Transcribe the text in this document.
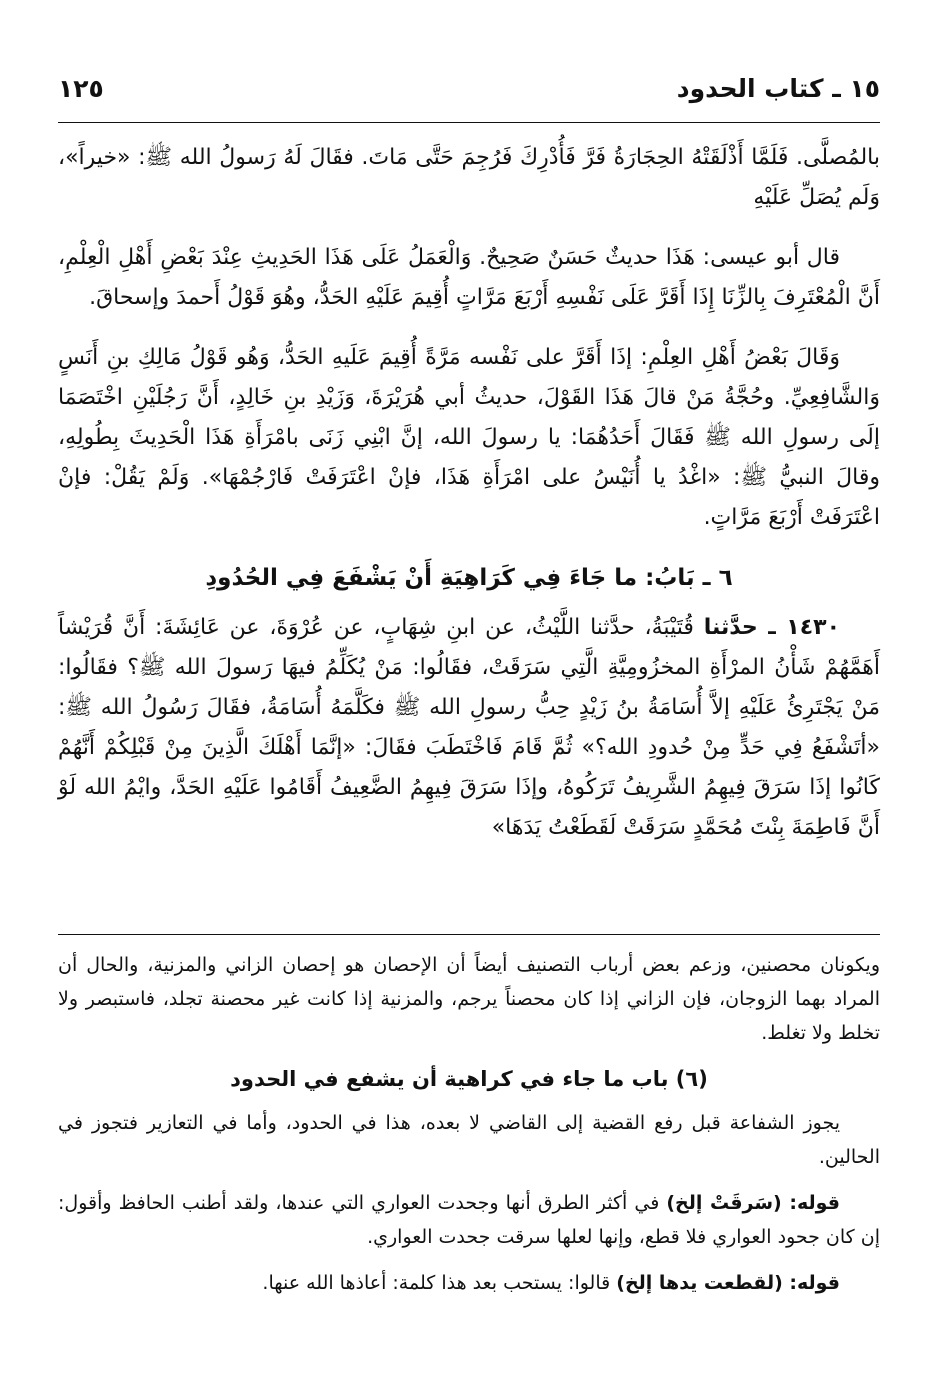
١٥ ـ كتاب الحدود
١٢٥

بالمُصلَّى. فَلَمَّا أَذْلَقَتْهُ الحِجَارَةُ فَرَّ فَأُدْرِكَ فَرُجِمَ حَتَّى مَاتَ. فقَالَ لَهُ رَسولُ الله ﷺ: «خيراً»، وَلَم يُصَلِّ عَلَيْهِ

قال أبو عيسى: هَذَا حديثٌ حَسَنٌ صَحِيحٌ. وَالْعَمَلُ عَلَى هَذَا الحَدِيثِ عِنْدَ بَعْضِ أَهْلِ الْعِلْمِ، أَنَّ الْمُعْتَرِفَ بِالزِّنَا إِذَا أَقَرَّ عَلَى نَفْسِهِ أَرْبَعَ مَرَّاتٍ أُقِيمَ عَلَيْهِ الحَدُّ، وهُوَ قَوْلُ أَحمدَ وإسحاقَ.

وَقَالَ بَعْضُ أَهْلِ العِلْمِ: إذَا أَقَرَّ على نَفْسه مَرَّةً أُقِيمَ عَلَيهِ الحَدُّ، وَهُو قَوْلُ مَالِكِ بنِ أَنَسٍ وَالشَّافِعِيِّ. وحُجَّةُ مَنْ قالَ هَذَا القَوْلَ، حديثُ أبي هُرَيْرَةَ، وَزَيْدِ بنِ خَالِدٍ، أَنَّ رَجُلَيْنِ اخْتَصَمَا إلَى رسولِ الله ﷺ فَقَالَ أَحَدُهُمَا: يا رسولَ الله، إنَّ ابْنِي زَنَى بامْرَأَةِ هَذَا الْحَدِيثَ بِطُولِهِ، وقالَ النبيُّ ﷺ: «اغْدُ يا أُنَيْسُ على امْرَأَةِ هَذَا، فإنْ اعْتَرَفَتْ فَارْجُمْهَا». وَلَمْ يَقُلْ: فإنْ اعْتَرَفَتْ أَرْبَعَ مَرَّاتٍ.

٦ ـ بَابُ: ما جَاءَ فِي كَرَاهِيَةِ أَنْ يَشْفَعَ فِي الحُدُودِ

١٤٣٠ ـ حدَّثنا قُتَيْبَةُ، حدَّثنا اللَّيْثُ، عن ابنِ شِهَابٍ، عن عُرْوَةَ، عن عَائِشَةَ: أَنَّ قُرَيْشاً أَهَمَّهُمْ شَأْنُ المرْأَةِ المخزُومِيَّةِ الَّتِي سَرَقَتْ، فقَالُوا: مَنْ يُكَلِّمُ فيهَا رَسولَ الله ﷺ؟ فقَالُوا: مَنْ يَجْتَرِئُ عَلَيْهِ إلاَّ أُسَامَةُ بنُ زَيْدٍ حِبُّ رسولِ الله ﷺ فكَلَّمَهُ أُسَامَةُ، فقَالَ رَسُولُ الله ﷺ: «أتَشْفَعُ فِي حَدٍّ مِنْ حُدودِ الله؟» ثُمَّ قَامَ فَاخْتَطَبَ فقَالَ: «إنَّمَا أَهْلَكَ الَّذِينَ مِنْ قَبْلِكُمْ أَنَّهُمْ كَانُوا إذَا سَرَقَ فِيهِمُ الشَّرِيفُ تَرَكُوهُ، وإذَا سَرَقَ فِيهِمُ الضَّعِيفُ أَقَامُوا عَلَيْهِ الحَدَّ، وايْمُ الله لَوْ أَنَّ فَاطِمَةَ بِنْتَ مُحَمَّدٍ سَرَقَتْ لَقَطَعْتُ يَدَهَا»

ويكونان محصنين، وزعم بعض أرباب التصنيف أيضاً أن الإحصان هو إحصان الزاني والمزنية، والحال أن المراد بهما الزوجان، فإن الزاني إذا كان محصناً يرجم، والمزنية إذا كانت غير محصنة تجلد، فاستبصر ولا تخلط ولا تغلط.

(٦) باب ما جاء في كراهية أن يشفع في الحدود

يجوز الشفاعة قبل رفع القضية إلى القاضي لا بعده، هذا في الحدود، وأما في التعازير فتجوز في الحالين.

قوله: (سَرقَتْ إلخ) في أكثر الطرق أنها وجحدت العواري التي عندها، ولقد أطنب الحافظ وأقول: إن كان جحود العواري فلا قطع، وإنها لعلها سرقت جحدت العواري.

قوله: (لقطعت يدها إلخ) قالوا: يستحب بعد هذا كلمة: أعاذها الله عنها.
